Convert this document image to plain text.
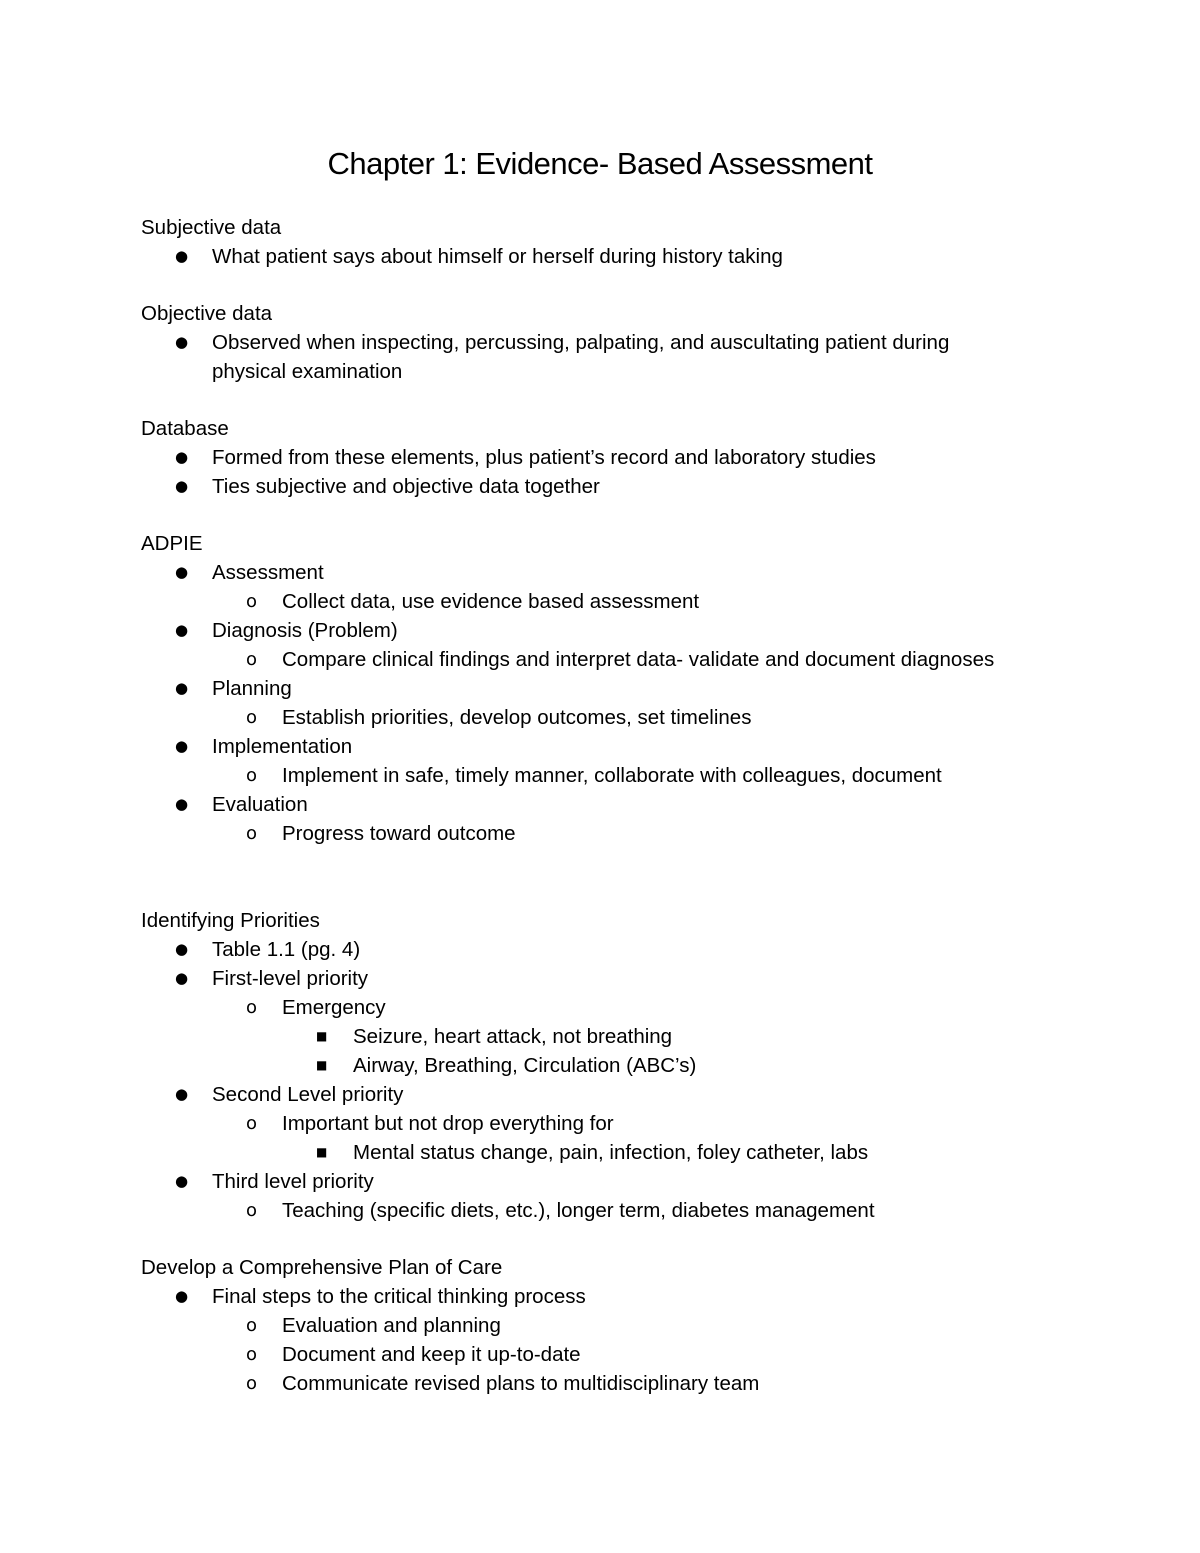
Chapter 1: Evidence- Based Assessment
Subjective data
● What patient says about himself or herself during history taking
Objective data
● Observed when inspecting, percussing, palpating, and auscultating patient during physical examination
Database
● Formed from these elements, plus patient’s record and laboratory studies
● Ties subjective and objective data together
ADPIE
● Assessment
o Collect data, use evidence based assessment
● Diagnosis (Problem)
o Compare clinical findings and interpret data- validate and document diagnoses
● Planning
o Establish priorities, develop outcomes, set timelines
● Implementation
o Implement in safe, timely manner, collaborate with colleagues, document
● Evaluation
o Progress toward outcome
Identifying Priorities
● Table 1.1 (pg. 4)
● First-level priority
o Emergency
■ Seizure, heart attack, not breathing
■ Airway, Breathing, Circulation (ABC’s)
● Second Level priority
o Important but not drop everything for
■ Mental status change, pain, infection, foley catheter, labs
● Third level priority
o Teaching (specific diets, etc.), longer term, diabetes management
Develop a Comprehensive Plan of Care
● Final steps to the critical thinking process
o Evaluation and planning
o Document and keep it up-to-date
o Communicate revised plans to multidisciplinary team
